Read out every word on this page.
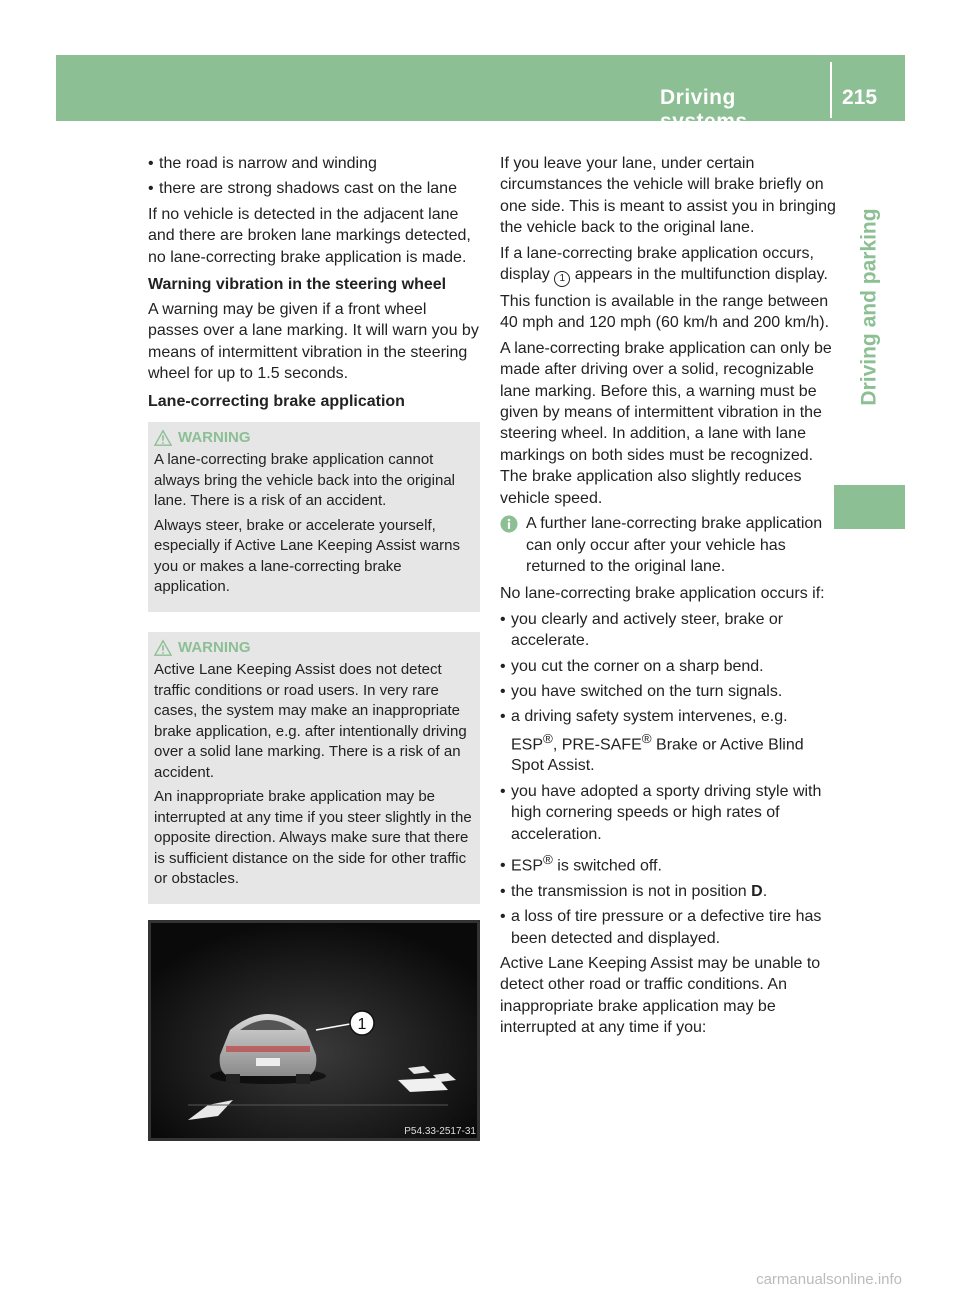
Driving systems
215
Driving and parking

• the road is narrow and winding

• there are strong shadows cast on the lane

If no vehicle is detected in the adjacent lane and there are broken lane markings detected, no lane-correcting brake application is made.

Warning vibration in the steering wheel

A warning may be given if a front wheel passes over a lane marking. It will warn you by means of intermittent vibration in the steering wheel for up to 1.5 seconds.

Lane-correcting brake application
WARNING

A lane-correcting brake application cannot always bring the vehicle back into the original lane. There is a risk of an accident.

Always steer, brake or accelerate yourself, especially if Active Lane Keeping Assist warns you or makes a lane-correcting brake application.

WARNING

Active Lane Keeping Assist does not detect traffic conditions or road users. In very rare cases, the system may make an inappropriate brake application, e.g. after intentionally driving over a solid lane marking. There is a risk of an accident.

An inappropriate brake application may be interrupted at any time if you steer slightly in the opposite direction. Always make sure that there is sufficient distance on the side for other traffic or obstacles.

1
P54.33-2517-31

If you leave your lane, under certain circumstances the vehicle will brake briefly on one side. This is meant to assist you in bringing the vehicle back to the original lane.

If a lane-correcting brake application occurs, display 1 appears in the multifunction display.

This function is available in the range between 40 mph and 120 mph (60 km/h and 200 km/h).

A lane-correcting brake application can only be made after driving over a solid, recognizable lane marking. Before this, a warning must be given by means of intermittent vibration in the steering wheel. In addition, a lane with lane markings on both sides must be recognized. The brake application also slightly reduces vehicle speed.

A further lane-correcting brake application can only occur after your vehicle has returned to the original lane.

No lane-correcting brake application occurs if:

• you clearly and actively steer, brake or accelerate.

• you cut the corner on a sharp bend.

• you have switched on the turn signals.

• a driving safety system intervenes, e.g. ESP®, PRE-SAFE® Brake or Active Blind Spot Assist.

• you have adopted a sporty driving style with high cornering speeds or high rates of acceleration.

• ESP® is switched off.

• the transmission is not in position D.

• a loss of tire pressure or a defective tire has been detected and displayed.

Active Lane Keeping Assist may be unable to detect other road or traffic conditions. An inappropriate brake application may be interrupted at any time if you:

carmanualsonline.info
